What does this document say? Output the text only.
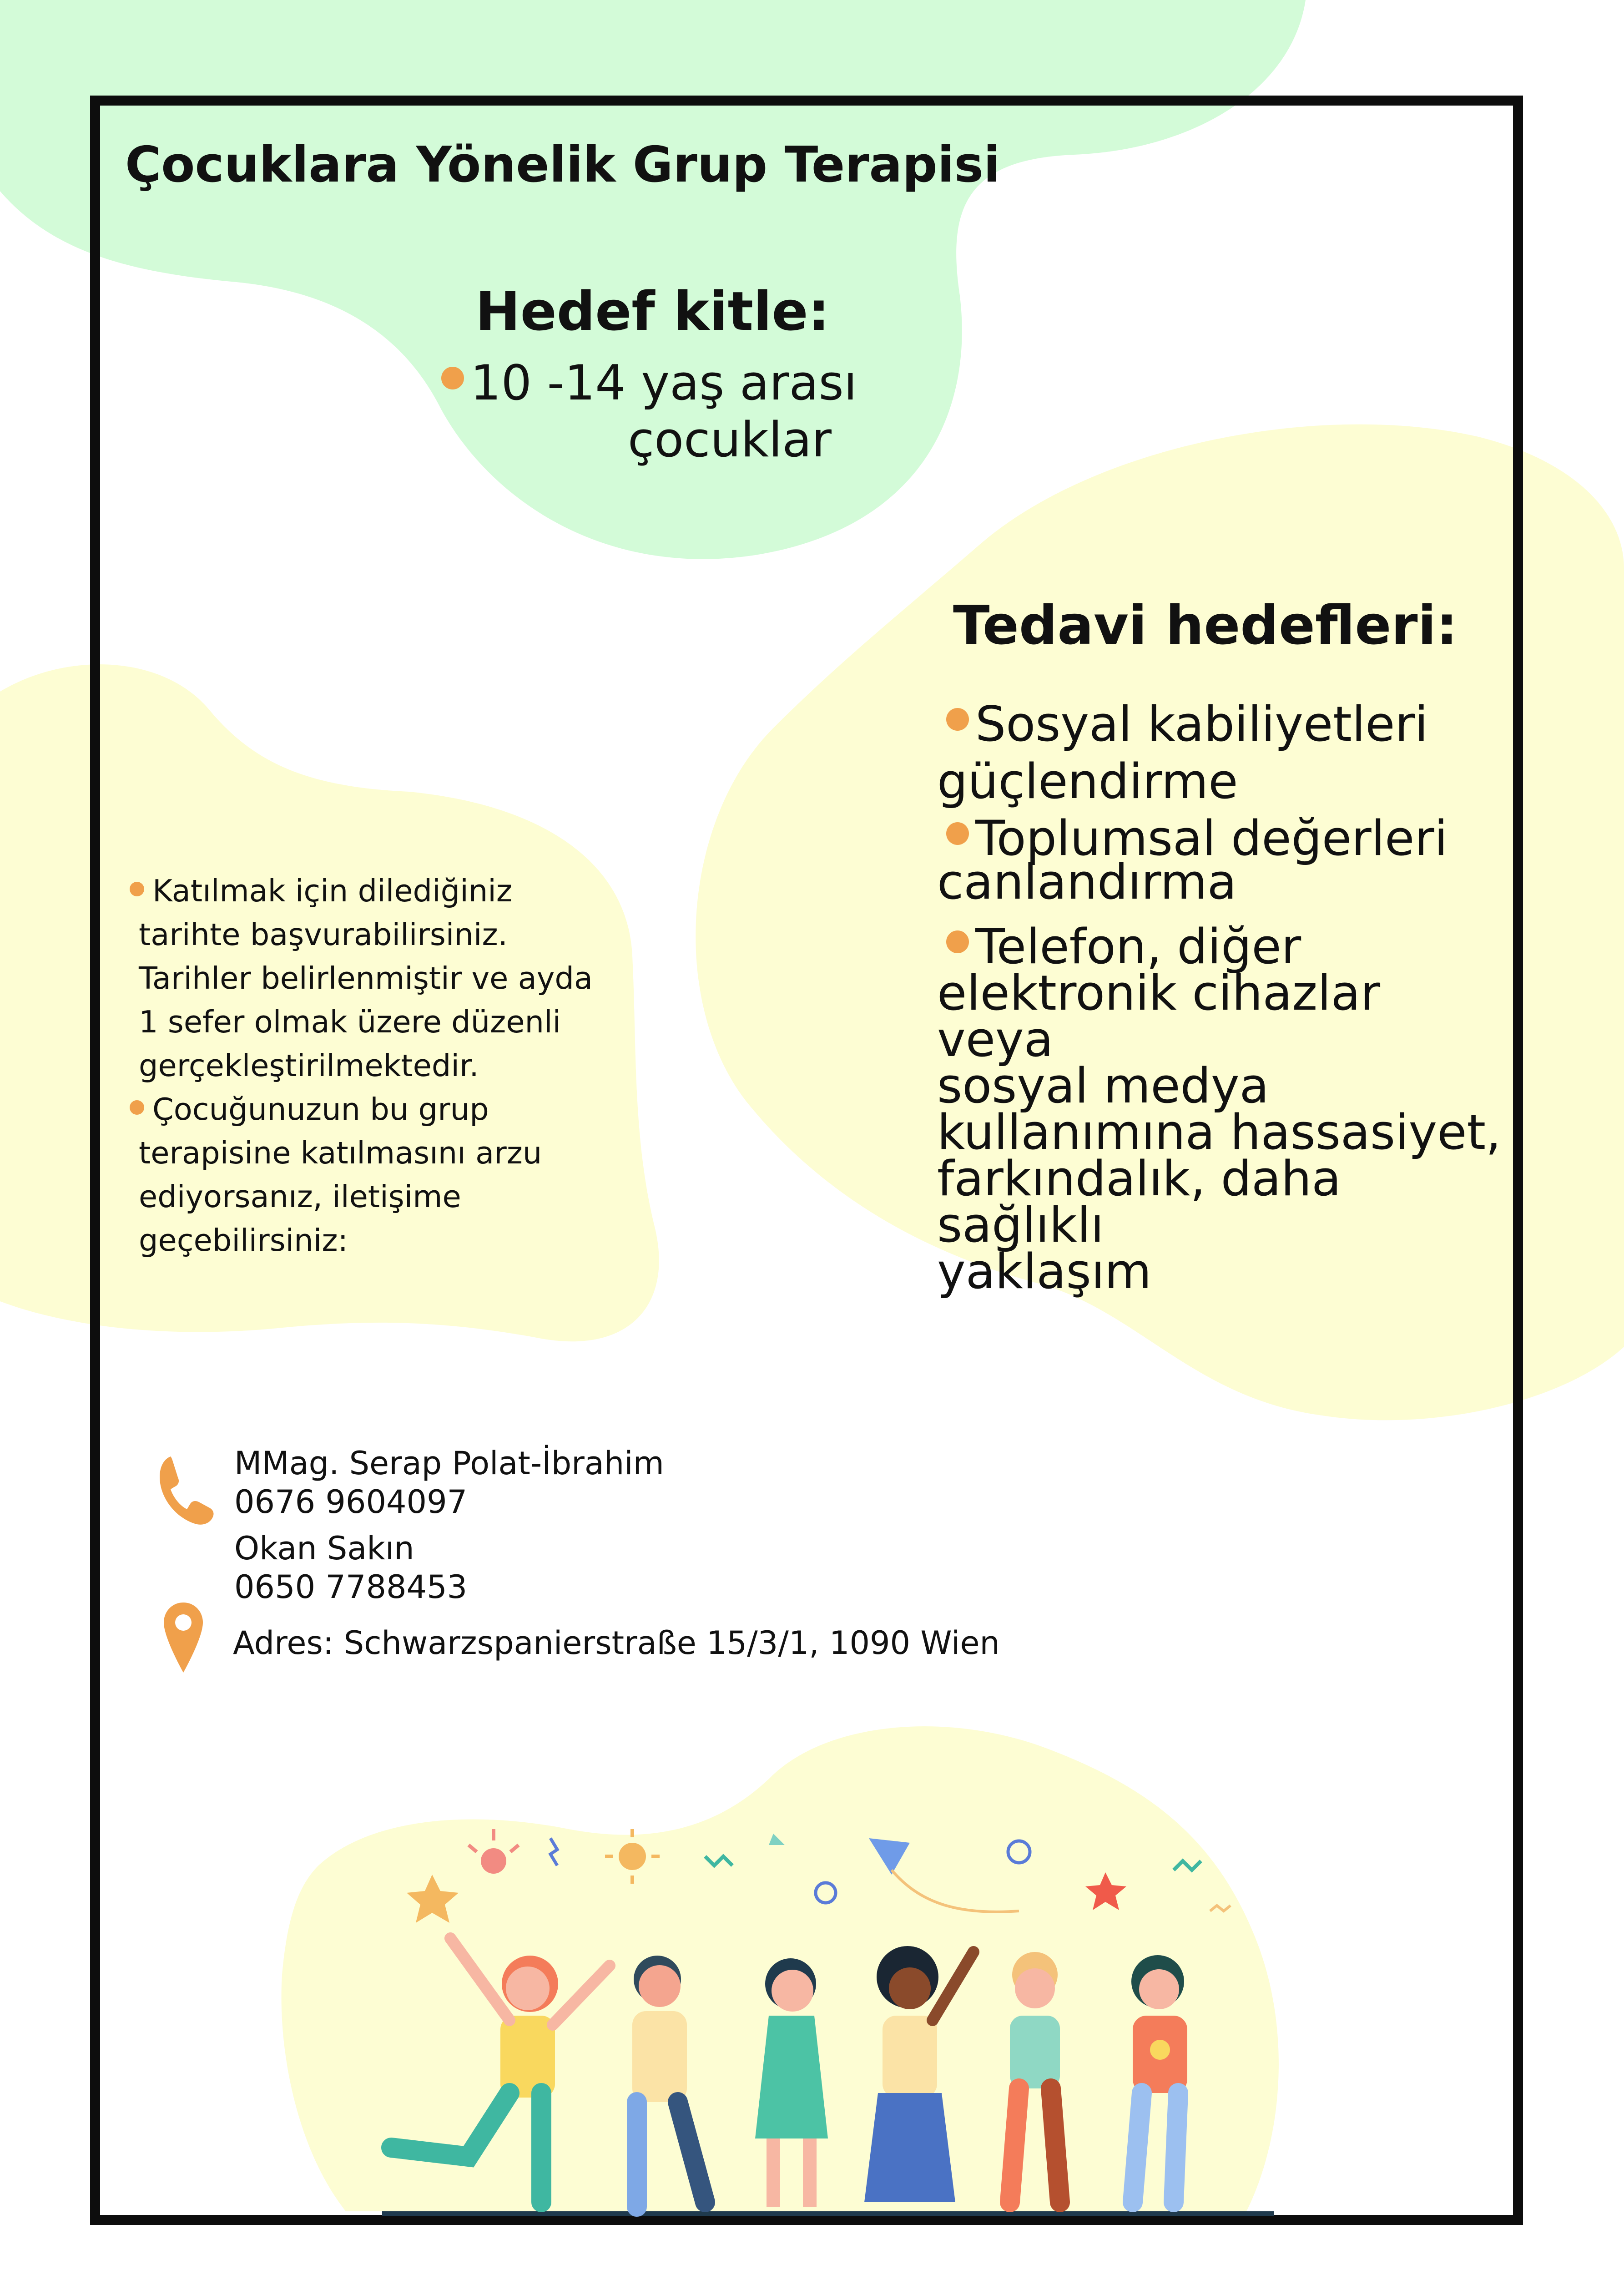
Çocuklara Yönelik Grup Terapisi
Hedef kitle:
10 -14 yaş arası
çocuklar
Tedavi hedefleri:
Sosyal kabiliyetleri
güçlendirme
Toplumsal değerleri
canlandırma
Telefon, diğer
elektronik cihazlar veya
sosyal medya
kullanımına hassasiyet,
farkındalık, daha sağlıklı
yaklaşım
Katılmak için dilediğiniz
tarihte başvurabilirsiniz.
Tarihler belirlenmiştir ve ayda
1 sefer olmak üzere düzenli
gerçekleştirilmektedir.
Çocuğunuzun bu grup
terapisine katılmasını arzu
ediyorsanız, iletişime
geçebilirsiniz:
MMag. Serap Polat-İbrahim
0676 9604097
Okan Sakın
0650 7788453
Adres: Schwarzspanierstraße 15/3/1, 1090 Wien
